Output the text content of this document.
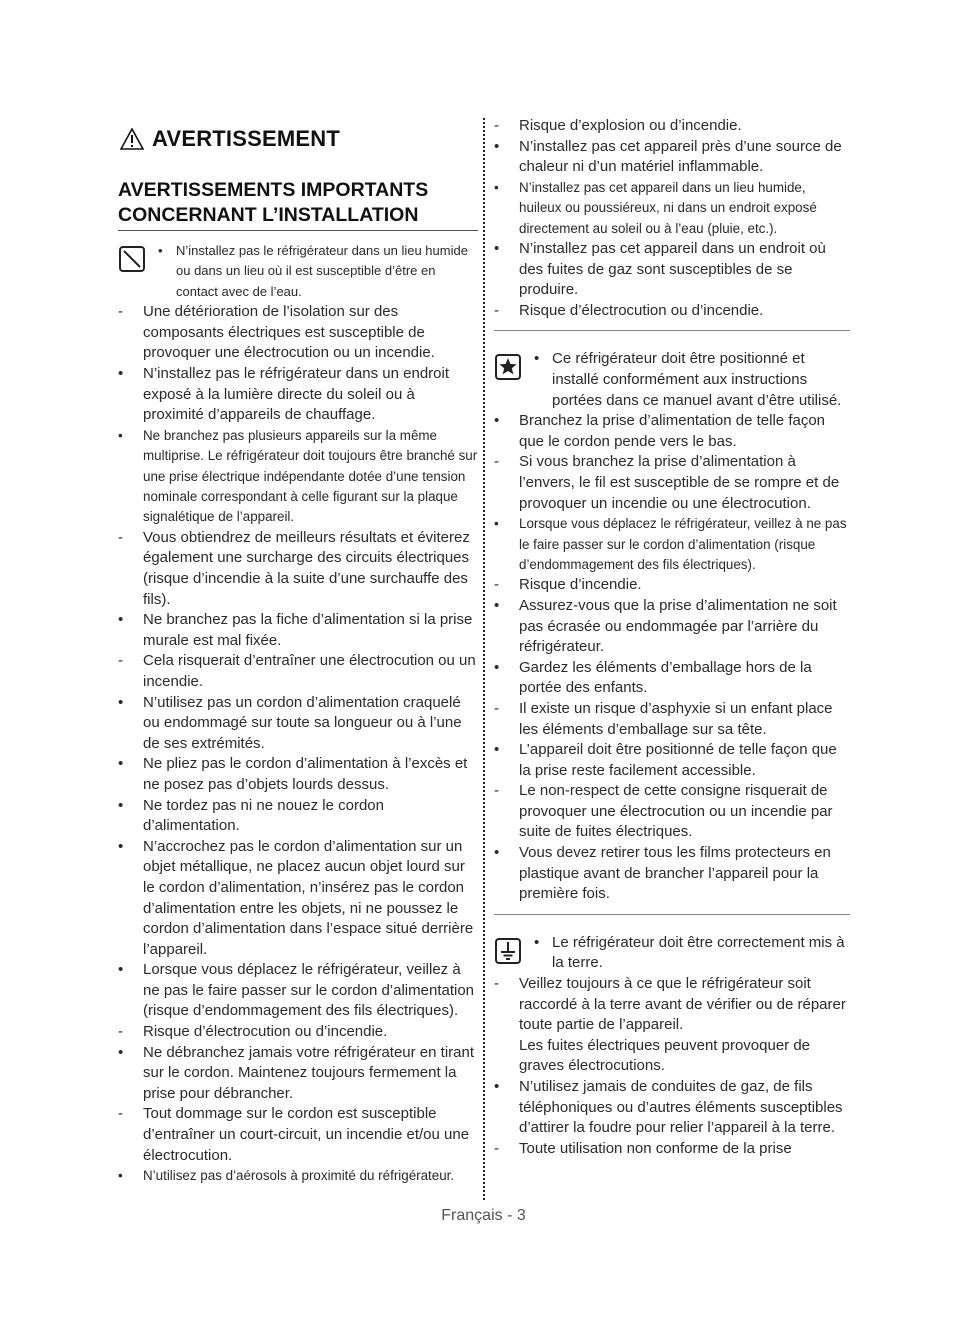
AVERTISSEMENT
AVERTISSEMENTS IMPORTANTS CONCERNANT L’INSTALLATION
• N’installez pas le réfrigérateur dans un lieu humide ou dans un lieu où il est susceptible d’être en contact avec de l’eau.
-	Une détérioration de l’isolation sur des composants électriques est susceptible de provoquer une électrocution ou un incendie.
•	N’installez pas le réfrigérateur dans un endroit exposé à la lumière directe du soleil ou à proximité d’appareils de chauffage.
•	Ne branchez pas plusieurs appareils sur la même multiprise. Le réfrigérateur doit toujours être branché sur une prise électrique indépendante dotée d’une tension nominale correspondant à celle figurant sur la plaque signalétique de l’appareil.
-	Vous obtiendrez de meilleurs résultats et éviterez également une surcharge des circuits électriques (risque d’incendie à la suite d’une surchauffe des fils).
•	Ne branchez pas la fiche d’alimentation si la prise murale est mal fixée.
-	Cela risquerait d’entraîner une électrocution ou un incendie.
•	N’utilisez pas un cordon d’alimentation craquelé ou endommagé sur toute sa longueur ou à l’une de ses extrémités.
•	Ne pliez pas le cordon d’alimentation à l’excès et ne posez pas d’objets lourds dessus.
•	Ne tordez pas ni ne nouez le cordon d’alimentation.
•	N’accrochez pas le cordon d’alimentation sur un objet métallique, ne placez aucun objet lourd sur le cordon d’alimentation, n’insérez pas le cordon d’alimentation entre les objets, ni ne poussez le cordon d’alimentation dans l’espace situé derrière l’appareil.
•	Lorsque vous déplacez le réfrigérateur, veillez à ne pas le faire passer sur le cordon d’alimentation (risque d’endommagement des fils électriques).
-	Risque d’électrocution ou d’incendie.
•	Ne débranchez jamais votre réfrigérateur en tirant sur le cordon. Maintenez toujours fermement la prise pour débrancher.
-	Tout dommage sur le cordon est susceptible d’entraîner un court-circuit, un incendie et/ou une électrocution.
•	N’utilisez pas d’aérosols à proximité du réfrigérateur.
-	Risque d’explosion ou d’incendie.
•	N’installez pas cet appareil près d’une source de chaleur ni d’un matériel inflammable.
•	N’installez pas cet appareil dans un lieu humide, huileux ou poussiéreux, ni dans un endroit exposé directement au soleil ou à l’eau (pluie, etc.).
•	N’installez pas cet appareil dans un endroit où des fuites de gaz sont susceptibles de se produire.
-	Risque d’électrocution ou d’incendie.
• Ce réfrigérateur doit être positionné et installé conformément aux instructions portées dans ce manuel avant d’être utilisé.
•	Branchez la prise d’alimentation de telle façon que le cordon pende vers le bas.
-	Si vous branchez la prise d’alimentation à l’envers, le fil est susceptible de se rompre et de provoquer un incendie ou une électrocution.
•	Lorsque vous déplacez le réfrigérateur, veillez à ne pas le faire passer sur le cordon d’alimentation (risque d’endommagement des fils électriques).
-	Risque d’incendie.
•	Assurez-vous que la prise d’alimentation ne soit pas écrasée ou endommagée par l’arrière du réfrigérateur.
•	Gardez les éléments d’emballage hors de la portée des enfants.
-	Il existe un risque d’asphyxie si un enfant place les éléments d’emballage sur sa tête.
•	L’appareil doit être positionné de telle façon que la prise reste facilement accessible.
-	Le non-respect de cette consigne risquerait de provoquer une électrocution ou un incendie par suite de fuites électriques.
•	Vous devez retirer tous les films protecteurs en plastique avant de brancher l’appareil pour la première fois.
• Le réfrigérateur doit être correctement mis à la terre.
-	Veillez toujours à ce que le réfrigérateur soit raccordé à la terre avant de vérifier ou de réparer toute partie de l’appareil.
Les fuites électriques peuvent provoquer de graves électrocutions.
•	N’utilisez jamais de conduites de gaz, de fils téléphoniques ou d’autres éléments susceptibles d’attirer la foudre pour relier l’appareil à la terre.
-	Toute utilisation non conforme de la prise
Français - 3
